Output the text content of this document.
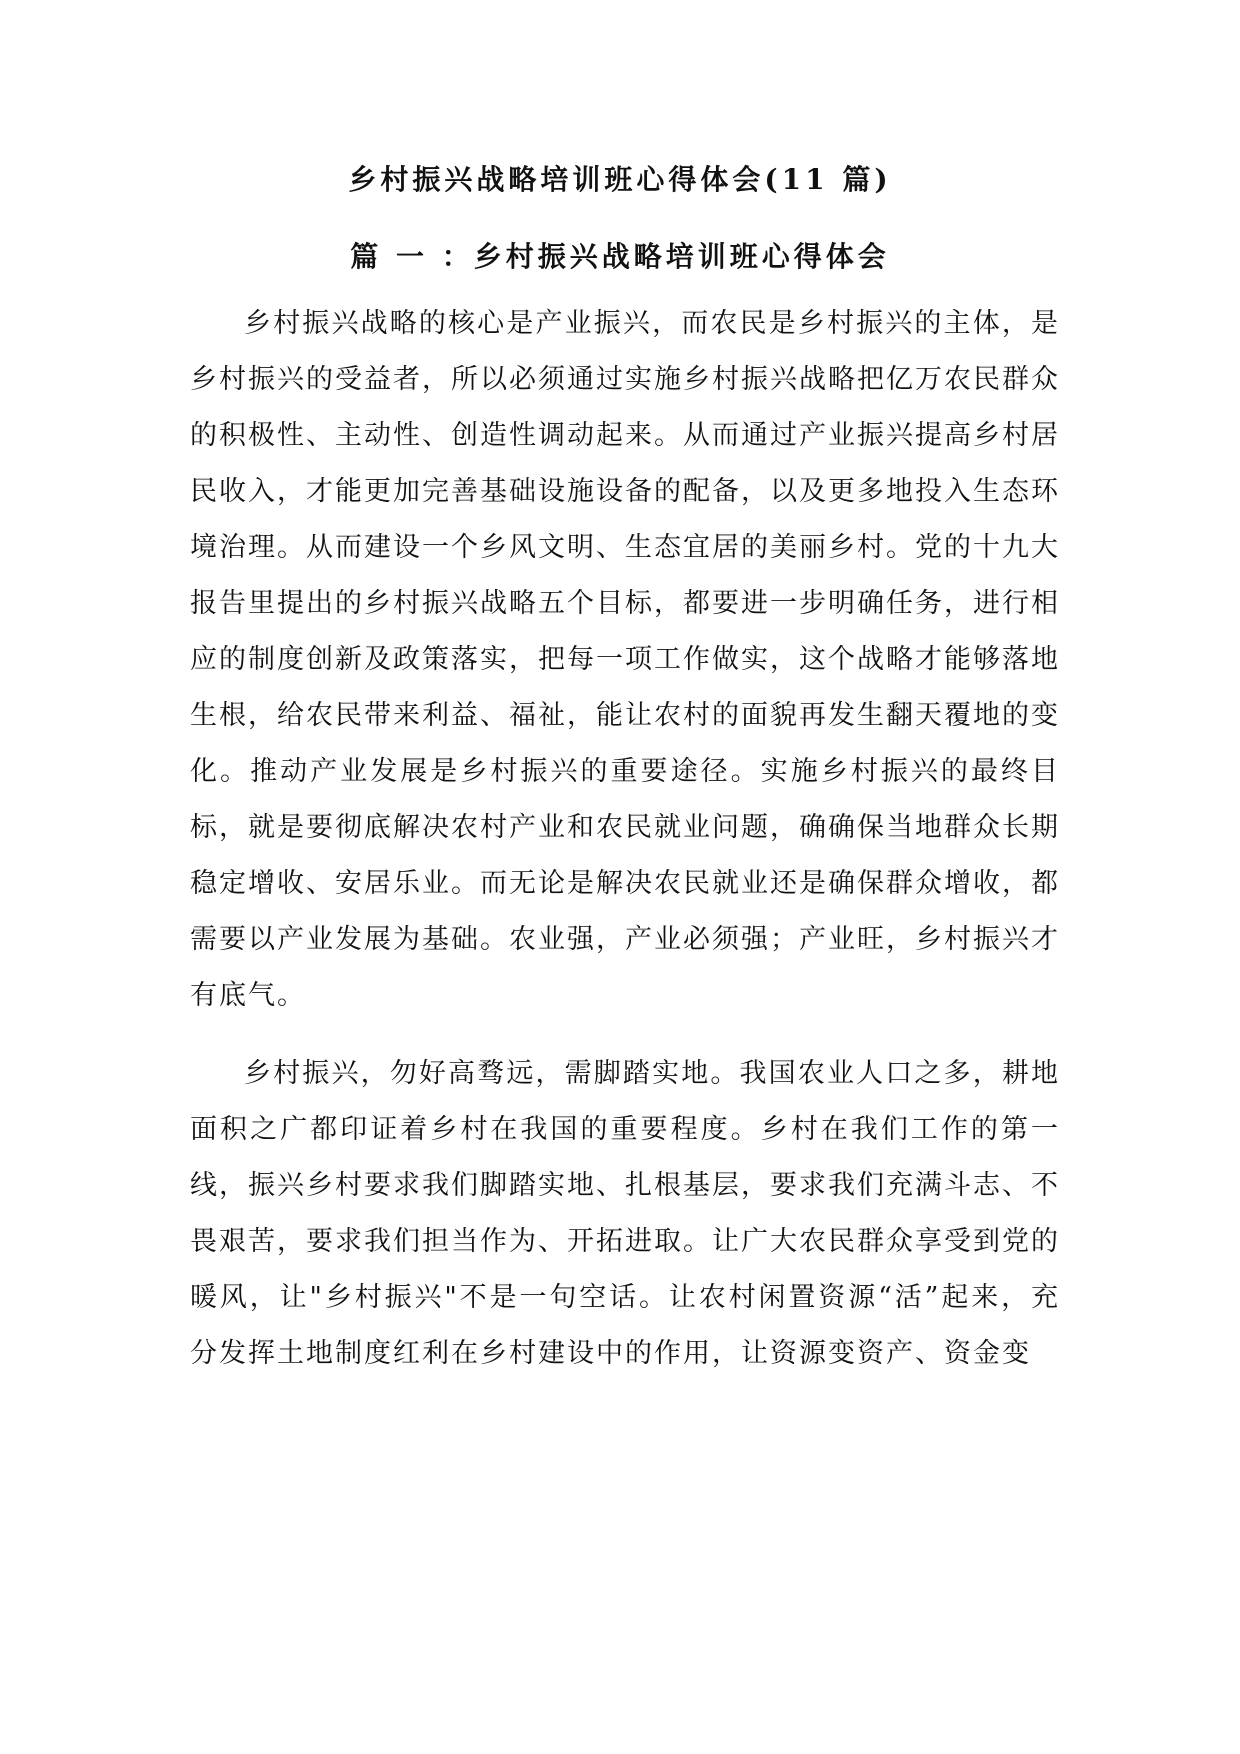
乡村振兴战略培训班心得体会(11 篇)
篇 一 ：乡村振兴战略培训班心得体会

乡村振兴战略的核心是产业振兴，而农民是乡村振兴的主体，是乡村振兴的受益者，所以必须通过实施乡村振兴战略把亿万农民群众的积极性、主动性、创造性调动起来。从而通过产业振兴提高乡村居民收入，才能更加完善基础设施设备的配备，以及更多地投入生态环境治理。从而建设一个乡风文明、生态宜居的美丽乡村。党的十九大报告里提出的乡村振兴战略五个目标，都要进一步明确任务，进行相应的制度创新及政策落实，把每一项工作做实，这个战略才能够落地生根，给农民带来利益、福祉，能让农村的面貌再发生翻天覆地的变化。推动产业发展是乡村振兴的重要途径。实施乡村振兴的最终目标，就是要彻底解决农村产业和农民就业问题，确确保当地群众长期稳定增收、安居乐业。而无论是解决农民就业还是确保群众增收，都需要以产业发展为基础。农业强，产业必须强；产业旺，乡村振兴才有底气。

乡村振兴，勿好高骛远，需脚踏实地。我国农业人口之多，耕地面积之广都印证着乡村在我国的重要程度。乡村在我们工作的第一线，振兴乡村要求我们脚踏实地、扎根基层，要求我们充满斗志、不畏艰苦，要求我们担当作为、开拓进取。让广大农民群众享受到党的暖风，让"乡村振兴"不是一句空话。让农村闲置资源“活”起来，充分发挥土地制度红利在乡村建设中的作用，让资源变资产、资金变
